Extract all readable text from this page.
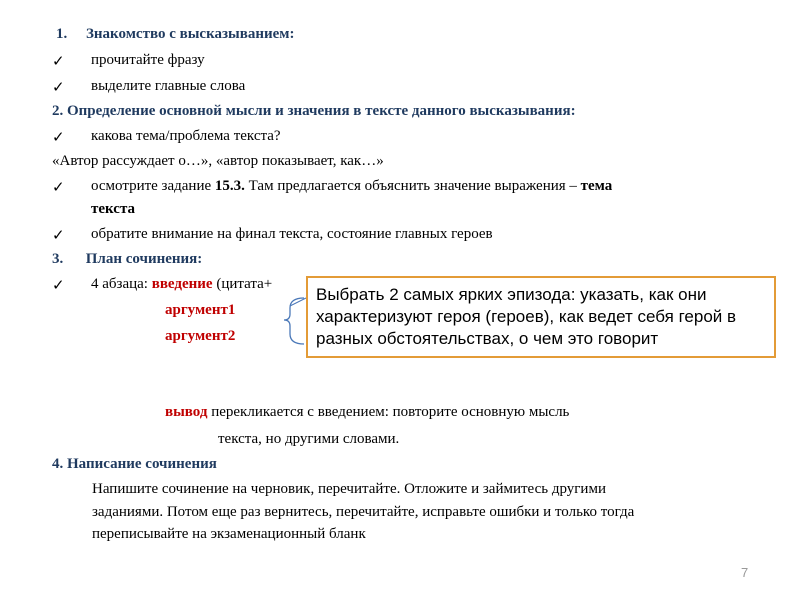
1.     Знакомство с высказыванием:
✓ прочитайте фразу
✓ выделите главные слова
2. Определение основной мысли и значения в тексте данного высказывания:
✓ какова тема/проблема текста?
«Автор рассуждает о…», «автор показывает, как…»
✓ осмотрите задание 15.3. Там предлагается объяснить значение выражения – тема
текста
✓ обратите внимание на финал текста, состояние главных героев
3.      План сочинения:
✓ 4 абзаца: введение (цитата+
аргумент1
аргумент2
Выбрать 2 самых ярких эпизода: указать, как они характеризуют героя (героев), как ведет себя герой в разных обстоятельствах, о чем это говорит
вывод перекликается с введением: повторите основную мысль
текста, но другими словами.
4. Написание сочинения
Напишите сочинение на черновик, перечитайте. Отложите и займитесь другими
заданиями. Потом еще раз вернитесь, перечитайте, исправьте ошибки и только тогда
переписывайте на экзаменационный бланк
7
